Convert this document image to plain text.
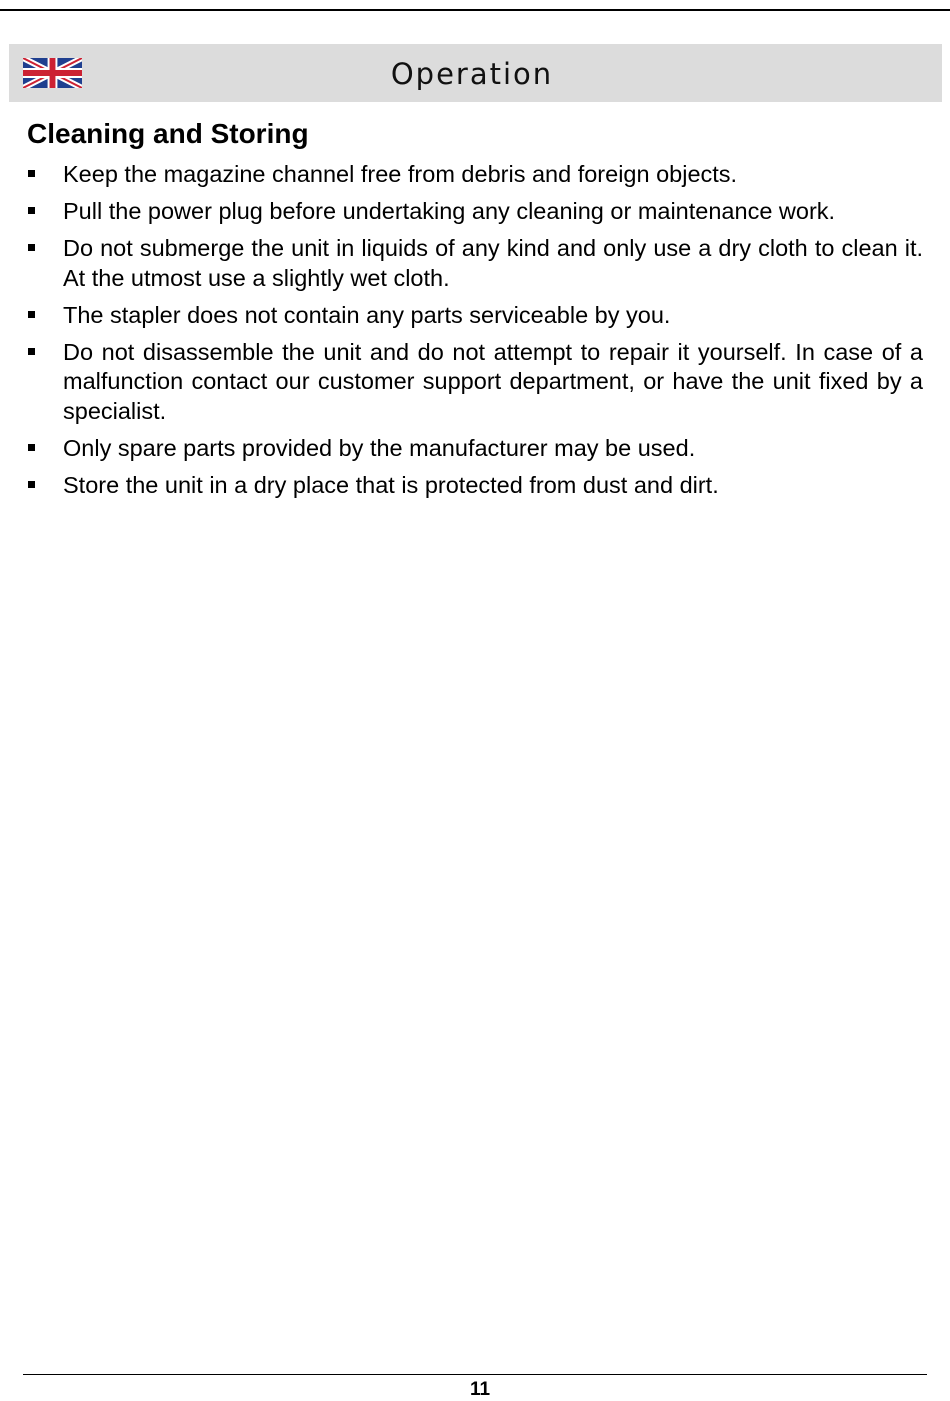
Operation
Cleaning and Storing
Keep the magazine channel free from debris and foreign objects.
Pull the power plug before undertaking any cleaning or maintenance work.
Do not submerge the unit in liquids of any kind and only use a dry cloth to clean it. At the utmost use a slightly wet cloth.
The stapler does not contain any parts serviceable by you.
Do not disassemble the unit and do not attempt to repair it yourself. In case of a malfunction contact our customer support department, or have the unit fixed by a specialist.
Only spare parts provided by the manufacturer may be used.
Store the unit in a dry place that is protected from dust and dirt.
11
